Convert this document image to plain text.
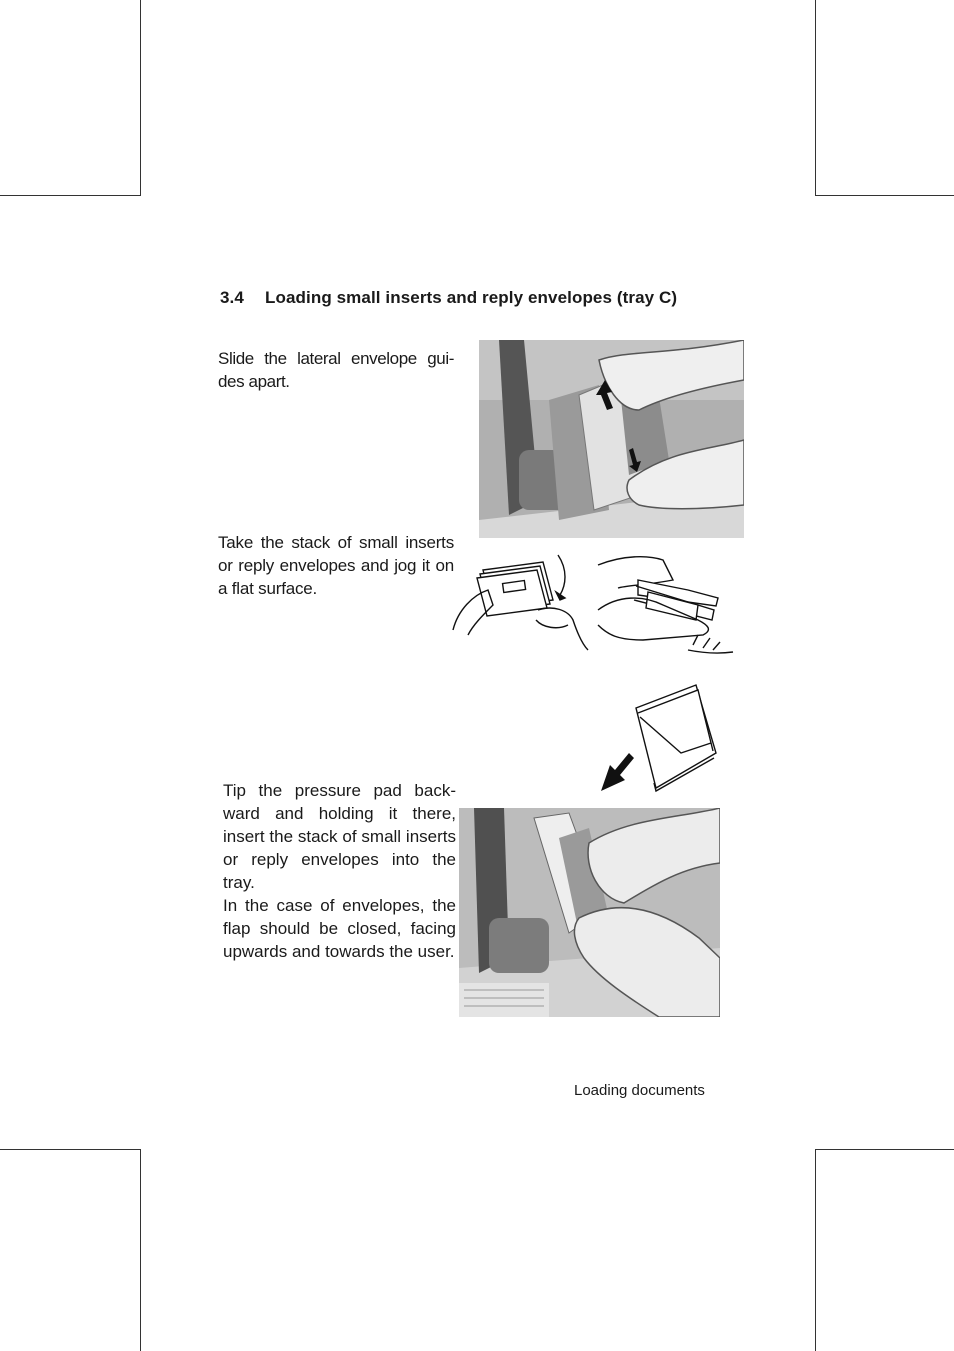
3.4 Loading small inserts and reply envelopes (tray C)

Slide the lateral envelope gui-des apart.

Take the stack of small inserts or reply envelopes and jog it on a flat surface.

Tip the pressure pad back-ward and holding it there, insert the stack of small inserts or reply envelopes into the tray.
In the case of envelopes, the flap should be closed, facing upwards and towards the user.
Loading documents
